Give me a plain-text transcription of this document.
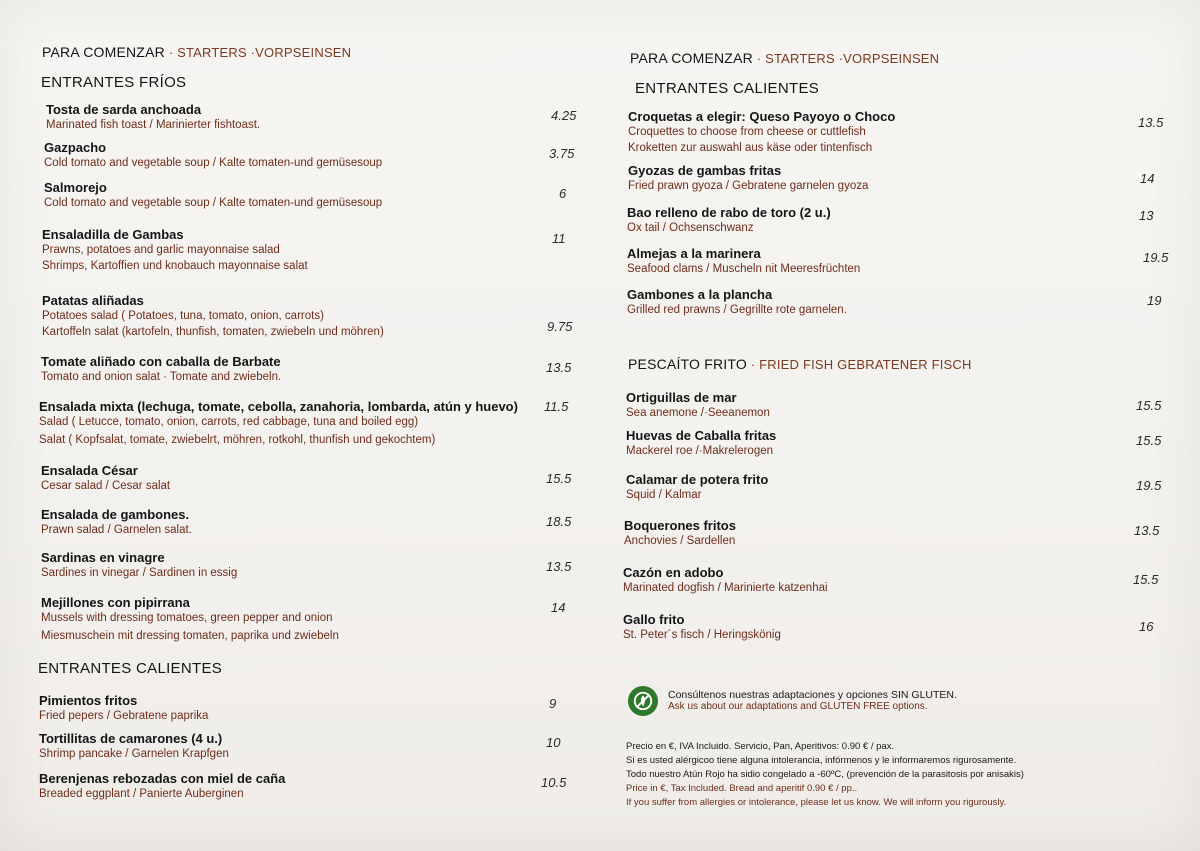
PARA COMENZAR · STARTERS ·VORPSEINSEN
ENTRANTES FRÍOS
Tosta de sarda anchoada
Marinated fish toast / Marinierter fishtoast.
4.25
Gazpacho
Cold tomato and vegetable soup / Kalte tomaten-und gemüsesoup
3.75
Salmorejo
Cold tomato and vegetable soup / Kalte tomaten-und gemüsesoup
6
Ensaladilla de Gambas
Prawns, potatoes and garlic mayonnaise salad
Shrimps, Kartoffien und knobauch mayonnaise salat
11
Patatas aliñadas
Potatoes salad ( Potatoes, tuna, tomato, onion, carrots)
Kartoffeln salat (kartofeln, thunfish, tomaten, zwiebeln und möhren)	9.75
Tomate aliñado con caballa de Barbate
Tomato and onion salat · Tomate and zwiebeln.
13.5
Ensalada mixta (lechuga, tomate, cebolla, zanahoria, lombarda, atún y huevo)
Salad ( Letucce, tomato, onion, carrots, red cabbage, tuna and boiled egg)
Salat ( Kopfsalat, tomate, zwiebelrt, möhren, rotkohl, thunfish und gekochtem)
11.5
Ensalada César
Cesar salad / Cesar salat	15.5
Ensalada de gambones.
Prawn salad / Garnelen salat.
18.5
Sardinas en vinagre
Sardines in vinegar / Sardinen in essig	13.5
Mejillones con pipirrana
Mussels with dressing tomatoes, green pepper and onion
Miesmuschein mit dressing tomaten, paprika und zwiebeln
14
ENTRANTES CALIENTES
Pimientos fritos
Fried pepers / Gebratene paprika
9
Tortillitas de camarones (4 u.)
Shrimp pancake / Garnelen Krapfgen
10
Berenjenas rebozadas con miel de caña
Breaded eggplant / Panierte Auberginen
10.5
PARA COMENZAR · STARTERS ·VORPSEINSEN
ENTRANTES CALIENTES
Croquetas a elegir: Queso Payoyo o Choco
Croquettes to choose from cheese or cuttlefish
Kroketten zur auswahl aus käse oder tintenfisch
13.5
Gyozas de gambas fritas
Fried prawn gyoza / Gebratene garnelen gyoza	14
Bao relleno de rabo de toro (2 u.)
Ox tail / Ochsenschwanz
13
Almejas a la marinera
Seafood clams / Muscheln nit Meeresfrüchten
19.5
Gambones a la plancha
Grilled red prawns / Gegrillte rote garnelen.
19
PESCAÍTO FRITO · FRIED FISH GEBRATENER FISCH
Ortiguillas de mar
Sea anemone /·Seeanemon	15.5
Huevas de Caballa fritas
Mackerel roe /·Makrelerogen
15.5
Calamar de potera frito
Squid / Kalmar
19.5
Boquerones fritos
Anchovies / Sardellen
13.5
Cazón en adobo
Marinated dogfish / Marinierte katzenhai
15.5
Gallo frito
St. Peter´s fisch / Heringskönig
16
Consúltenos nuestras adaptaciones y opciones SIN GLUTEN.
Ask us about our adaptations and GLUTEN FREE options.
Precio en €, IVA Incluido. Servicio, Pan, Aperitivos: 0.90 € / pax.
Si es usted alérgicoo tiene alguna intolerancia, infórmenos y le informaremos rigurosamente.
Todo nuestro Atún Rojo ha sidio congelado a -60ºC, (prevención de la parasitosis por anisakis)
Price in €, Tax Included. Bread and aperitif 0.90 € / pp..
If you suffer from allergies or intolerance, please let us know. We will inform you rigurously.
